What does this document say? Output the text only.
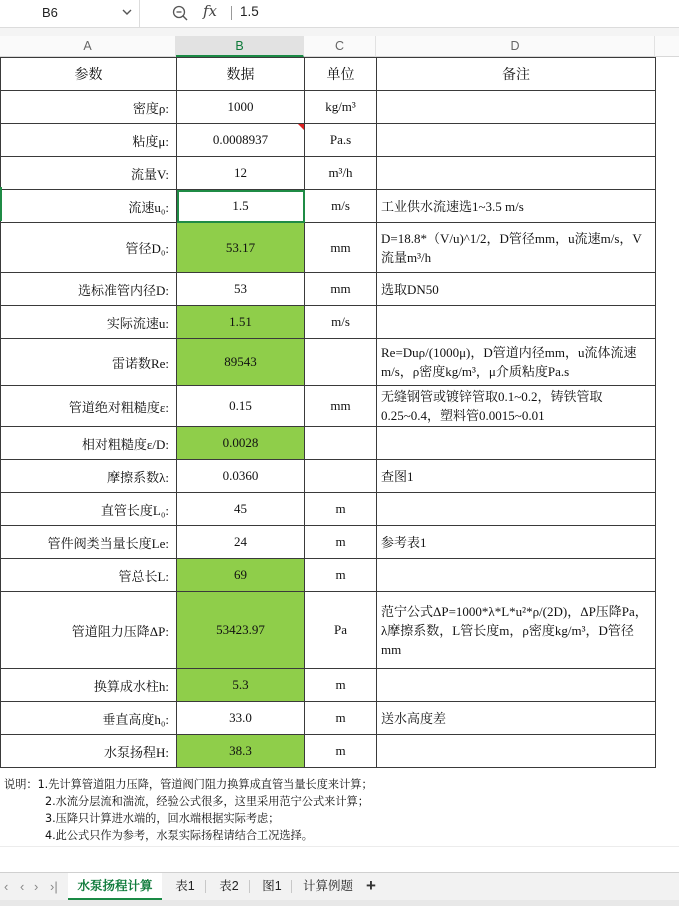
B6	fx 1.5
A	B	C	D
参数	数据	单位	备注
密度ρ:	1000	kg/m³	
粘度μ:	0.0008937	Pa.s	
流量V:	12	m³/h	
流速u₀:	1.5	m/s	工业供水流速选1~3.5 m/s
管径D₀:	53.17	mm	D=18.8*（V/u)^1/2，D管径mm，u流速m/s，V流量m³/h
选标准管内径D:	53	mm	选取DN50
实际流速u:	1.51	m/s	
雷诺数Re:	89543		Re=Duρ/(1000μ)，D管道内径mm，u流体流速m/s，ρ密度kg/m³，μ介质粘度Pa.s
管道绝对粗糙度ε:	0.15	mm	无缝钢管或镀锌管取0.1~0.2，铸铁管取0.25~0.4，塑料管0.0015~0.01
相对粗糙度ε/D:	0.0028		
摩擦系数λ:	0.0360		查图1
直管长度L₀:	45	m	
管件阀类当量长度Le:	24	m	参考表1
管总长L:	69	m	
管道阻力压降ΔP:	53423.97	Pa	范宁公式ΔP=1000*λ*L*u²*ρ/(2D)，ΔP压降Pa，λ摩擦系数，L管长度m，ρ密度kg/m³，D管径mm
换算成水柱h:	5.3	m	
垂直高度h₀:	33.0	m	送水高度差
水泵扬程H:	38.3	m	
说明：1.先计算管道阻力压降，管道阀门阻力换算成直管当量长度来计算；
2.水流分层流和湍流，经验公式很多，这里采用范宁公式来计算；
3.压降只计算进水端的，回水端根据实际考虑；
4.此公式只作为参考，水泵实际扬程请结合工况选择。
‹ ‹ › ›|	水泵扬程计算	表1	表2	图1	计算例题 +
